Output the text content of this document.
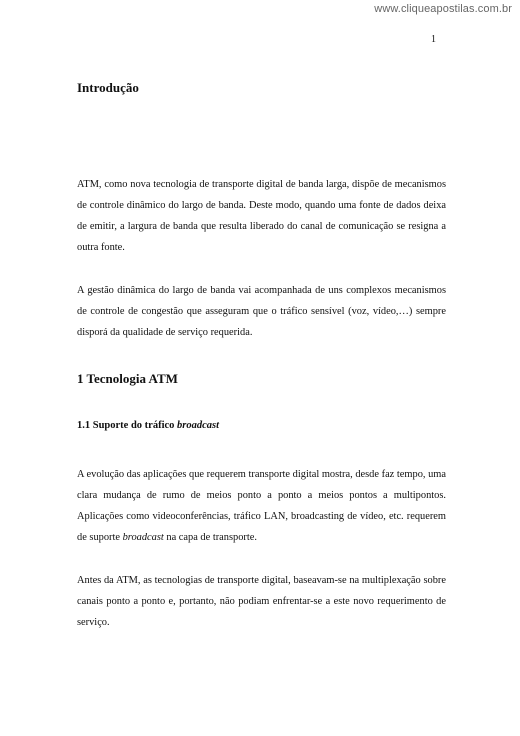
www.cliqueapostilas.com.br
1
Introdução

ATM, como nova tecnologia de transporte digital de banda larga, dispõe de mecanismos de controle dinâmico do largo de banda. Deste modo, quando uma fonte de dados deixa de emitir, a largura de banda que resulta liberado do canal de comunicação se resigna a outra fonte.

A gestão dinâmica do largo de banda vai acompanhada de uns complexos mecanismos de controle de congestão que asseguram que o tráfico sensível (voz, vídeo,…) sempre disporá da qualidade de serviço requerida.

1 Tecnologia ATM
1.1 Suporte do tráfico broadcast

A evolução das aplicações que requerem transporte digital mostra, desde faz tempo, uma clara mudança de rumo de meios ponto a ponto a meios pontos a multipontos. Aplicações como videoconferências, tráfico LAN, broadcasting de vídeo, etc. requerem de suporte broadcast na capa de transporte.

Antes da ATM, as tecnologias de transporte digital, baseavam-se na multiplexação sobre canais ponto a ponto e, portanto, não podiam enfrentar-se a este novo requerimento de serviço.
